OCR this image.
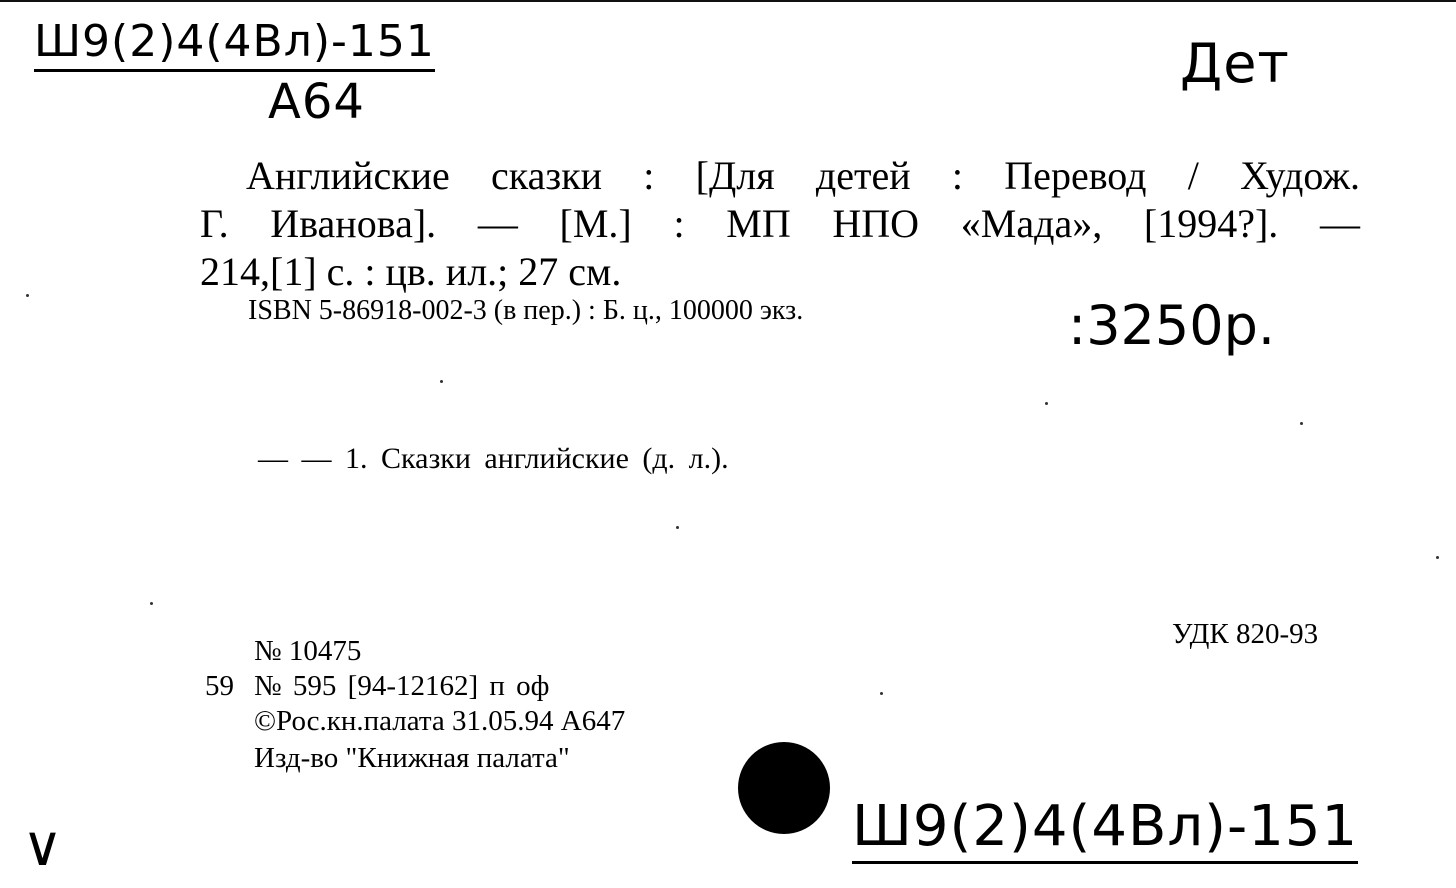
Ш9(2)4(4Вл)-151
А64
Дет
Английские сказки : [Для детей : Перевод / Худож.
Г. Иванова]. — [М.] : МП НПО «Мада», [1994?]. —
214,[1] с. : цв. ил.; 27 см.
ISBN 5-86918-002-3 (в пер.) : Б. ц., 100000 экз.	:3250р.
— — 1. Сказки английские (д. л.).
УДК 820-93
№ 10475
59 № 595 [94-12162] п оф
©Рос.кн.палата 31.05.94 А647
Изд-во "Книжная палата"
∨	Ш9(2)4(4Вл)-151
